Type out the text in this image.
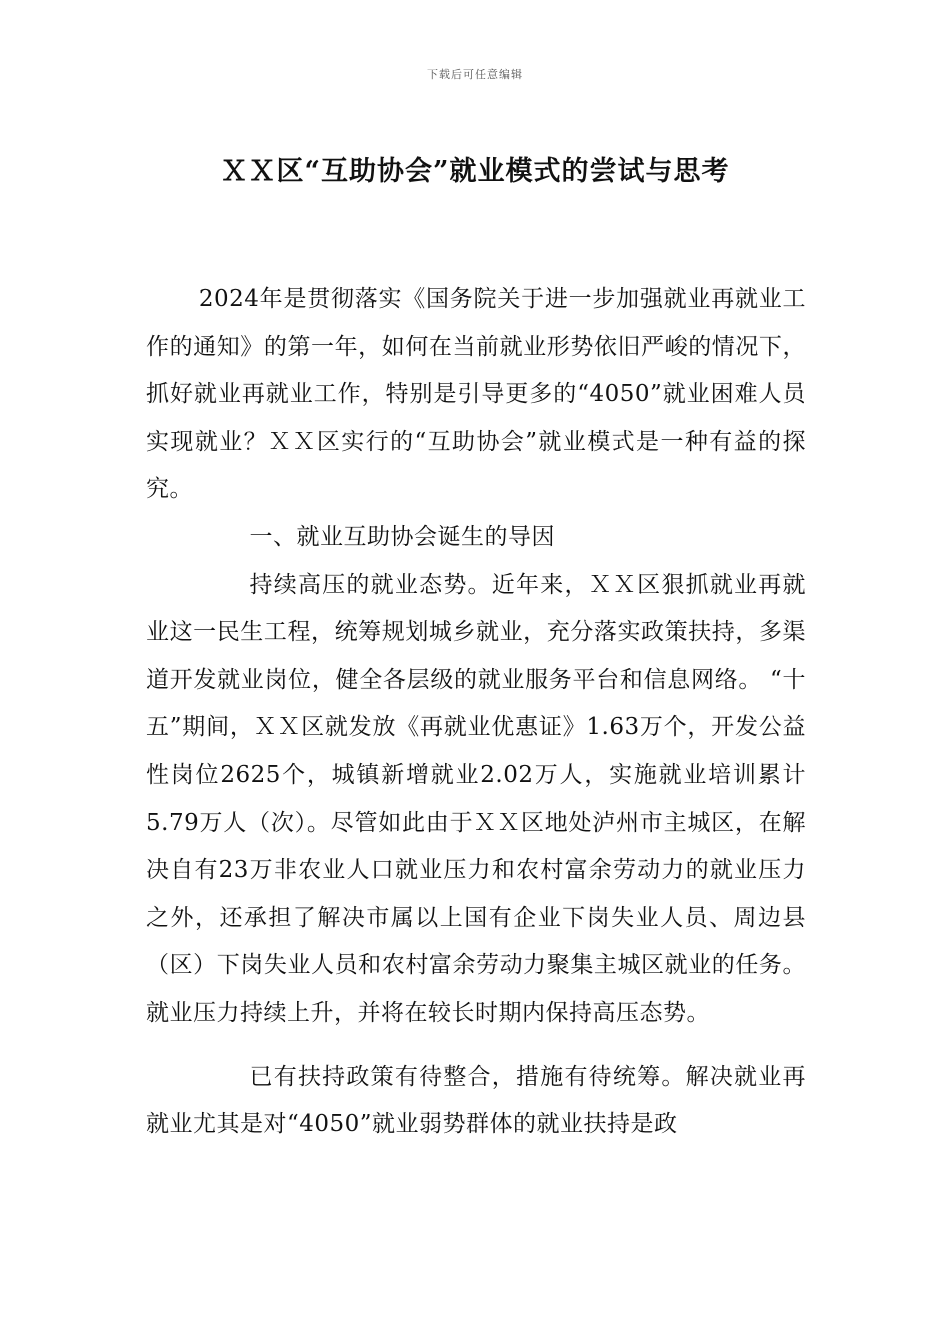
下载后可任意编辑
ＸＸ区“互助协会”就业模式的尝试与思考

2024年是贯彻落实《国务院关于进一步加强就业再就业工作的通知》的第一年，如何在当前就业形势依旧严峻的情况下，抓好就业再就业工作，特别是引导更多的“4050”就业困难人员实现就业？ＸＸ区实行的“互助协会”就业模式是一种有益的探究。

一、就业互助协会诞生的导因

持续高压的就业态势。近年来，ＸＸ区狠抓就业再就业这一民生工程，统筹规划城乡就业，充分落实政策扶持，多渠道开发就业岗位，健全各层级的就业服务平台和信息网络。 “十五”期间，ＸＸ区就发放《再就业优惠证》1.63万个，开发公益性岗位2625个，城镇新增就业2.02万人，实施就业培训累计5.79万人（次）。尽管如此由于ＸＸ区地处泸州市主城区，在解决自有23万非农业人口就业压力和农村富余劳动力的就业压力之外，还承担了解决市属以上国有企业下岗失业人员、周边县（区）下岗失业人员和农村富余劳动力聚集主城区就业的任务。就业压力持续上升，并将在较长时期内保持高压态势。

已有扶持政策有待整合，措施有待统筹。解决就业再就业尤其是对“4050”就业弱势群体的就业扶持是政
